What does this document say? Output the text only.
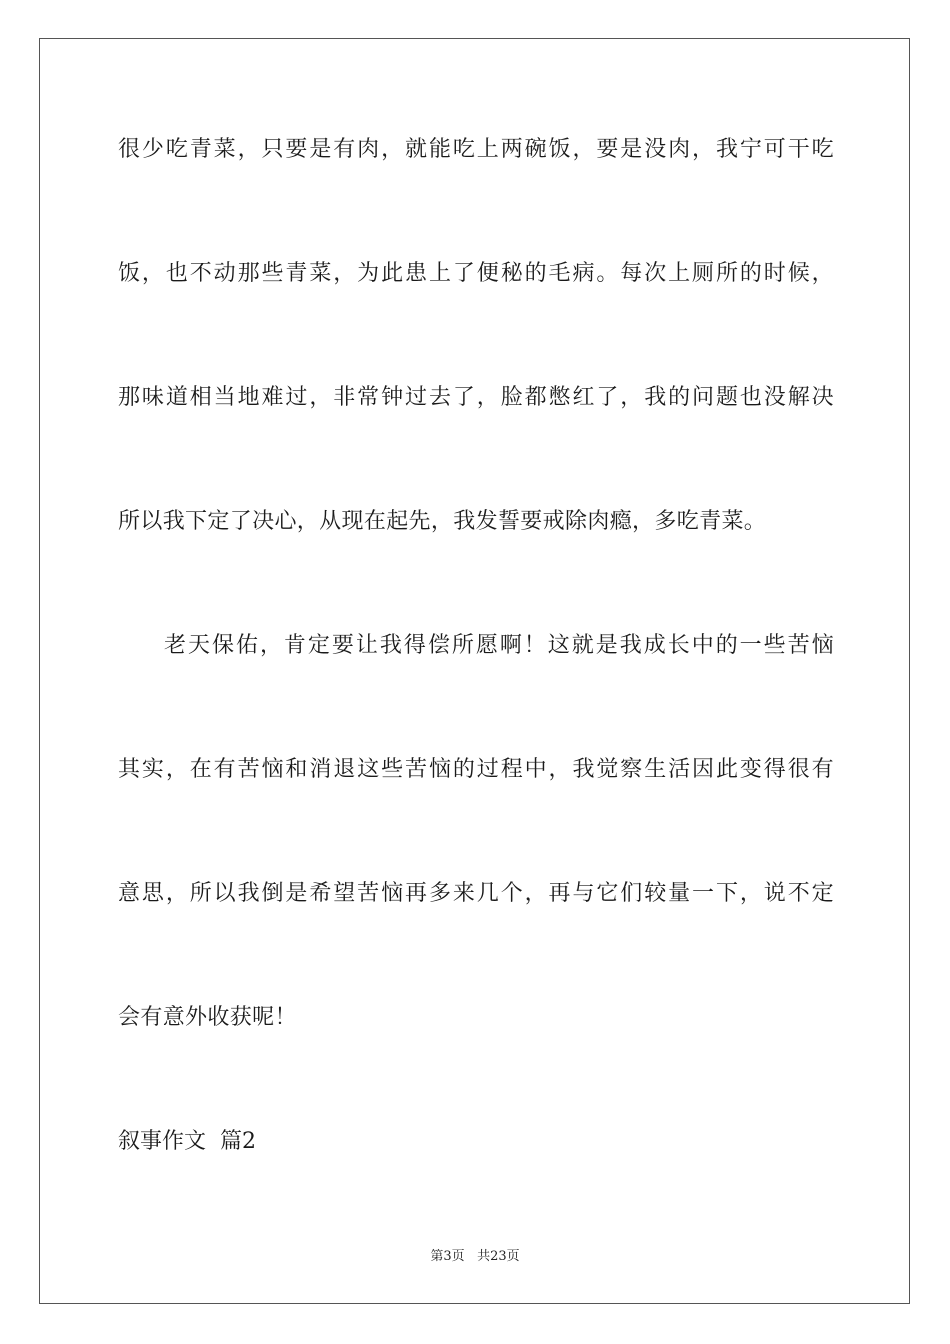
很少吃青菜，只要是有肉，就能吃上两碗饭，要是没肉，我宁可干吃
饭，也不动那些青菜，为此患上了便秘的毛病。每次上厕所的时候，
那味道相当地难过，非常钟过去了，脸都憋红了，我的问题也没解决
所以我下定了决心，从现在起先，我发誓要戒除肉瘾，多吃青菜。
老天保佑，肯定要让我得偿所愿啊！这就是我成长中的一些苦恼
其实，在有苦恼和消退这些苦恼的过程中，我觉察生活因此变得很有
意思，所以我倒是希望苦恼再多来几个，再与它们较量一下，说不定
会有意外收获呢！
叙事作文  篇2
第3页 共23页
